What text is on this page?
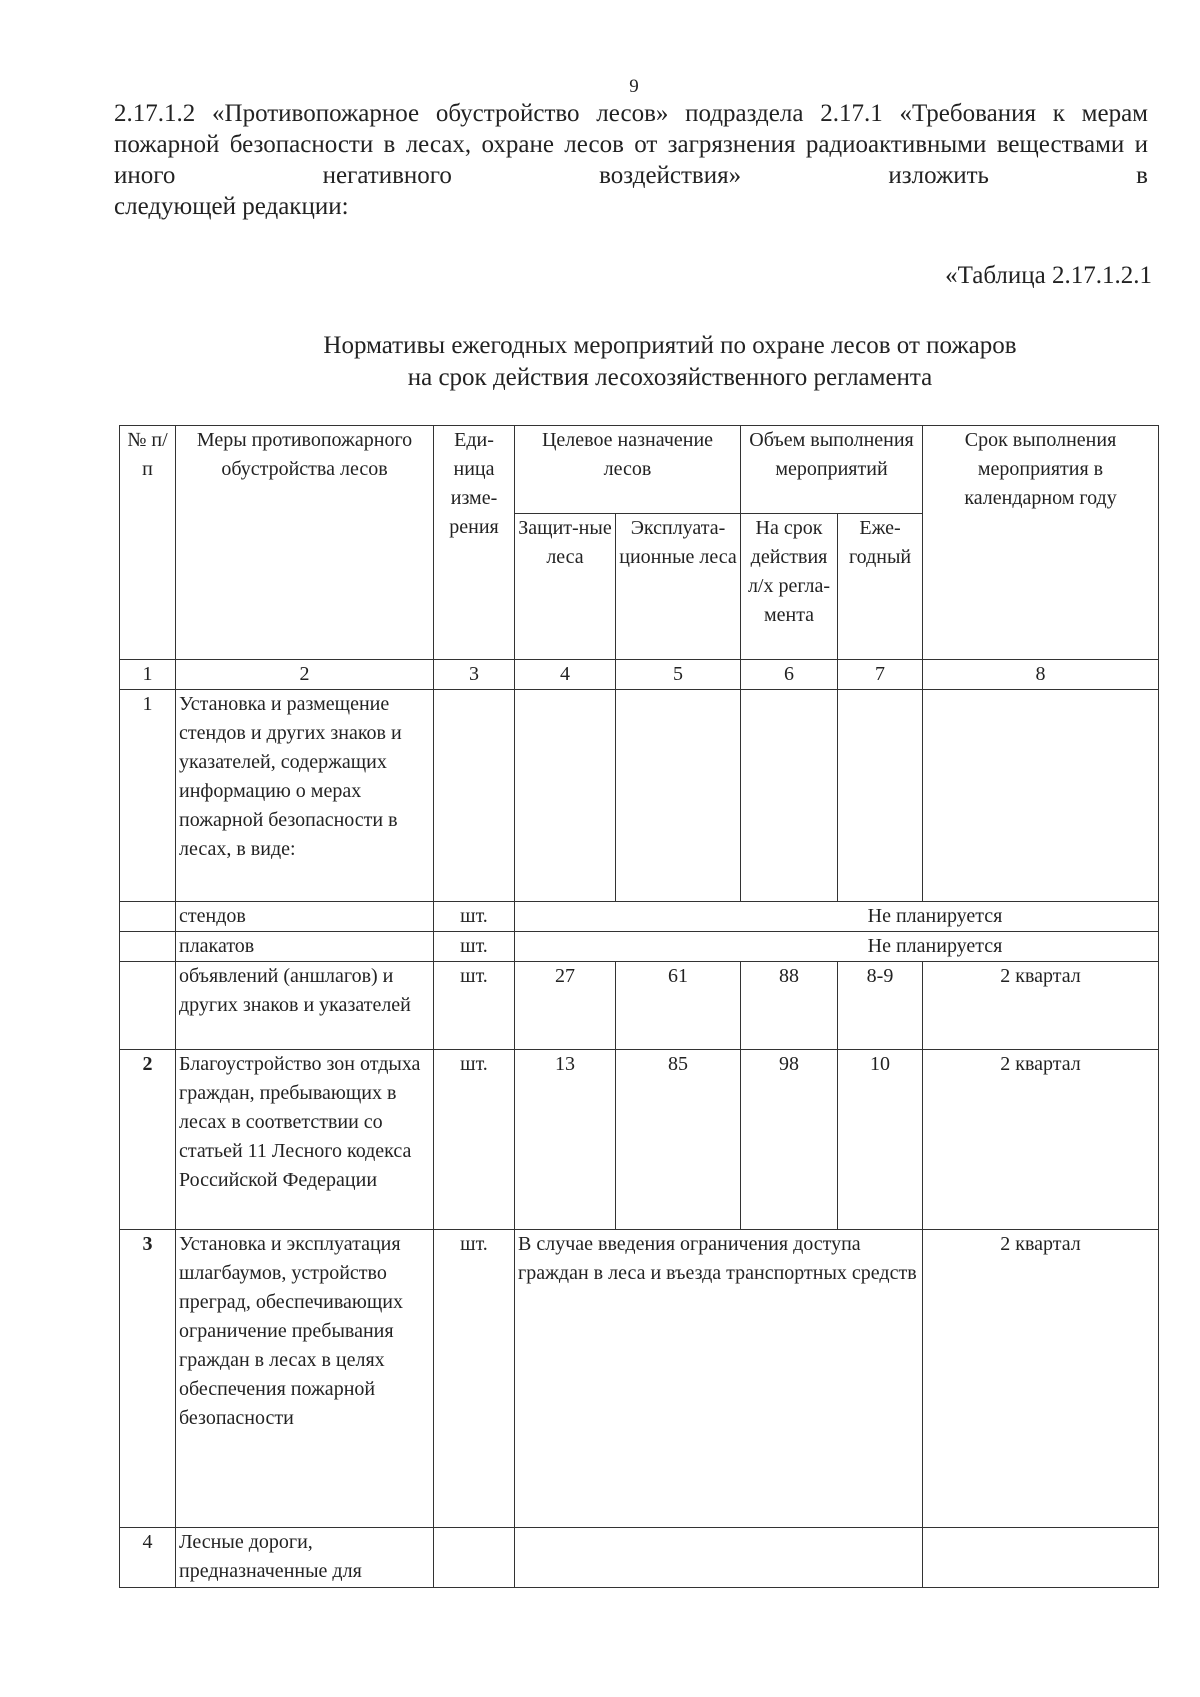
9
2.17.1.2 «Противопожарное обустройство лесов» подраздела 2.17.1 «Требования к мерам пожарной безопасности в лесах, охране лесов от загрязнения радиоактивными веществами и иного негативного воздействия» изложить в
следующей редакции:
«Таблица 2.17.1.2.1
Нормативы ежегодных мероприятий по охране лесов от пожаров
на срок действия лесохозяйственного регламента
№ п/п	Меры противопожарного обустройства лесов	Еди-ница изме-рения	Целевое назначение лесов		Объем выполнения мероприятий		Срок выполнения мероприятия в календарном году
			Защит-ные леса	Эксплуата-ционные леса	На срок действия л/х регла-мента	Еже-годный	
1	2	3	4	5	6	7	8
1	Установка и размещение стендов и других знаков и указателей, содержащих информацию о мерах пожарной безопасности в лесах, в виде:						
	стендов	шт.	Не планируется				
	плакатов	шт.	Не планируется				
	объявлений (аншлагов) и других знаков и указателей	шт.	27	61	88	8-9	2 квартал
2	Благоустройство зон отдыха граждан, пребывающих в лесах в соответствии со статьей 11 Лесного кодекса Российской Федерации	шт.	13	85	98	10	2 квартал
3	Установка и эксплуатация шлагбаумов, устройство преград, обеспечивающих ограничение пребывания граждан в лесах в целях обеспечения пожарной безопасности	шт.	В случае введения ограничения доступа граждан в леса и въезда транспортных средств				2 квартал
4	Лесные дороги, предназначенные для						
